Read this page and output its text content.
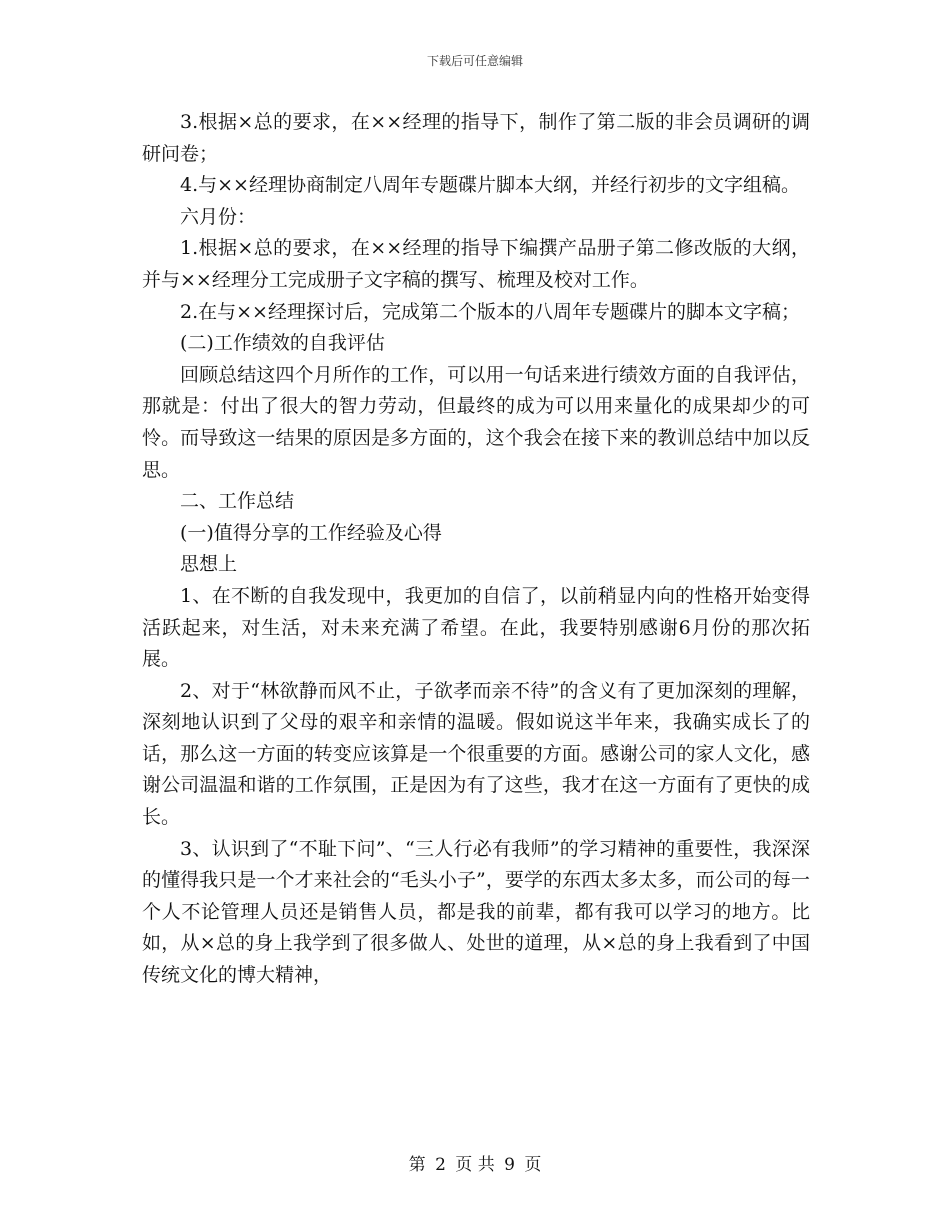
下载后可任意编辑

3.根据×总的要求，在××经理的指导下，制作了第二版的非会员调研的调研问卷；

4.与××经理协商制定八周年专题碟片脚本大纲，并经行初步的文字组稿。

六月份：

1.根据×总的要求，在××经理的指导下编撰产品册子第二修改版的大纲，并与××经理分工完成册子文字稿的撰写、梳理及校对工作。

2.在与××经理探讨后，完成第二个版本的八周年专题碟片的脚本文字稿；

(二)工作绩效的自我评估

回顾总结这四个月所作的工作，可以用一句话来进行绩效方面的自我评估，那就是：付出了很大的智力劳动，但最终的成为可以用来量化的成果却少的可怜。而导致这一结果的原因是多方面的，这个我会在接下来的教训总结中加以反思。

二、工作总结

(一)值得分享的工作经验及心得

思想上

1、在不断的自我发现中，我更加的自信了，以前稍显内向的性格开始变得活跃起来，对生活，对未来充满了希望。在此，我要特别感谢6月份的那次拓展。

2、对于“林欲静而风不止，子欲孝而亲不待”的含义有了更加深刻的理解，深刻地认识到了父母的艰辛和亲情的温暖。假如说这半年来，我确实成长了的话，那么这一方面的转变应该算是一个很重要的方面。感谢公司的家人文化，感谢公司温温和谐的工作氛围，正是因为有了这些，我才在这一方面有了更快的成长。

3、认识到了“不耻下问”、“三人行必有我师”的学习精神的重要性，我深深的懂得我只是一个才来社会的“毛头小子”，要学的东西太多太多，而公司的每一个人不论管理人员还是销售人员，都是我的前辈，都有我可以学习的地方。比如，从×总的身上我学到了很多做人、处世的道理，从×总的身上我看到了中国传统文化的博大精神，

第 2 页 共 9 页
